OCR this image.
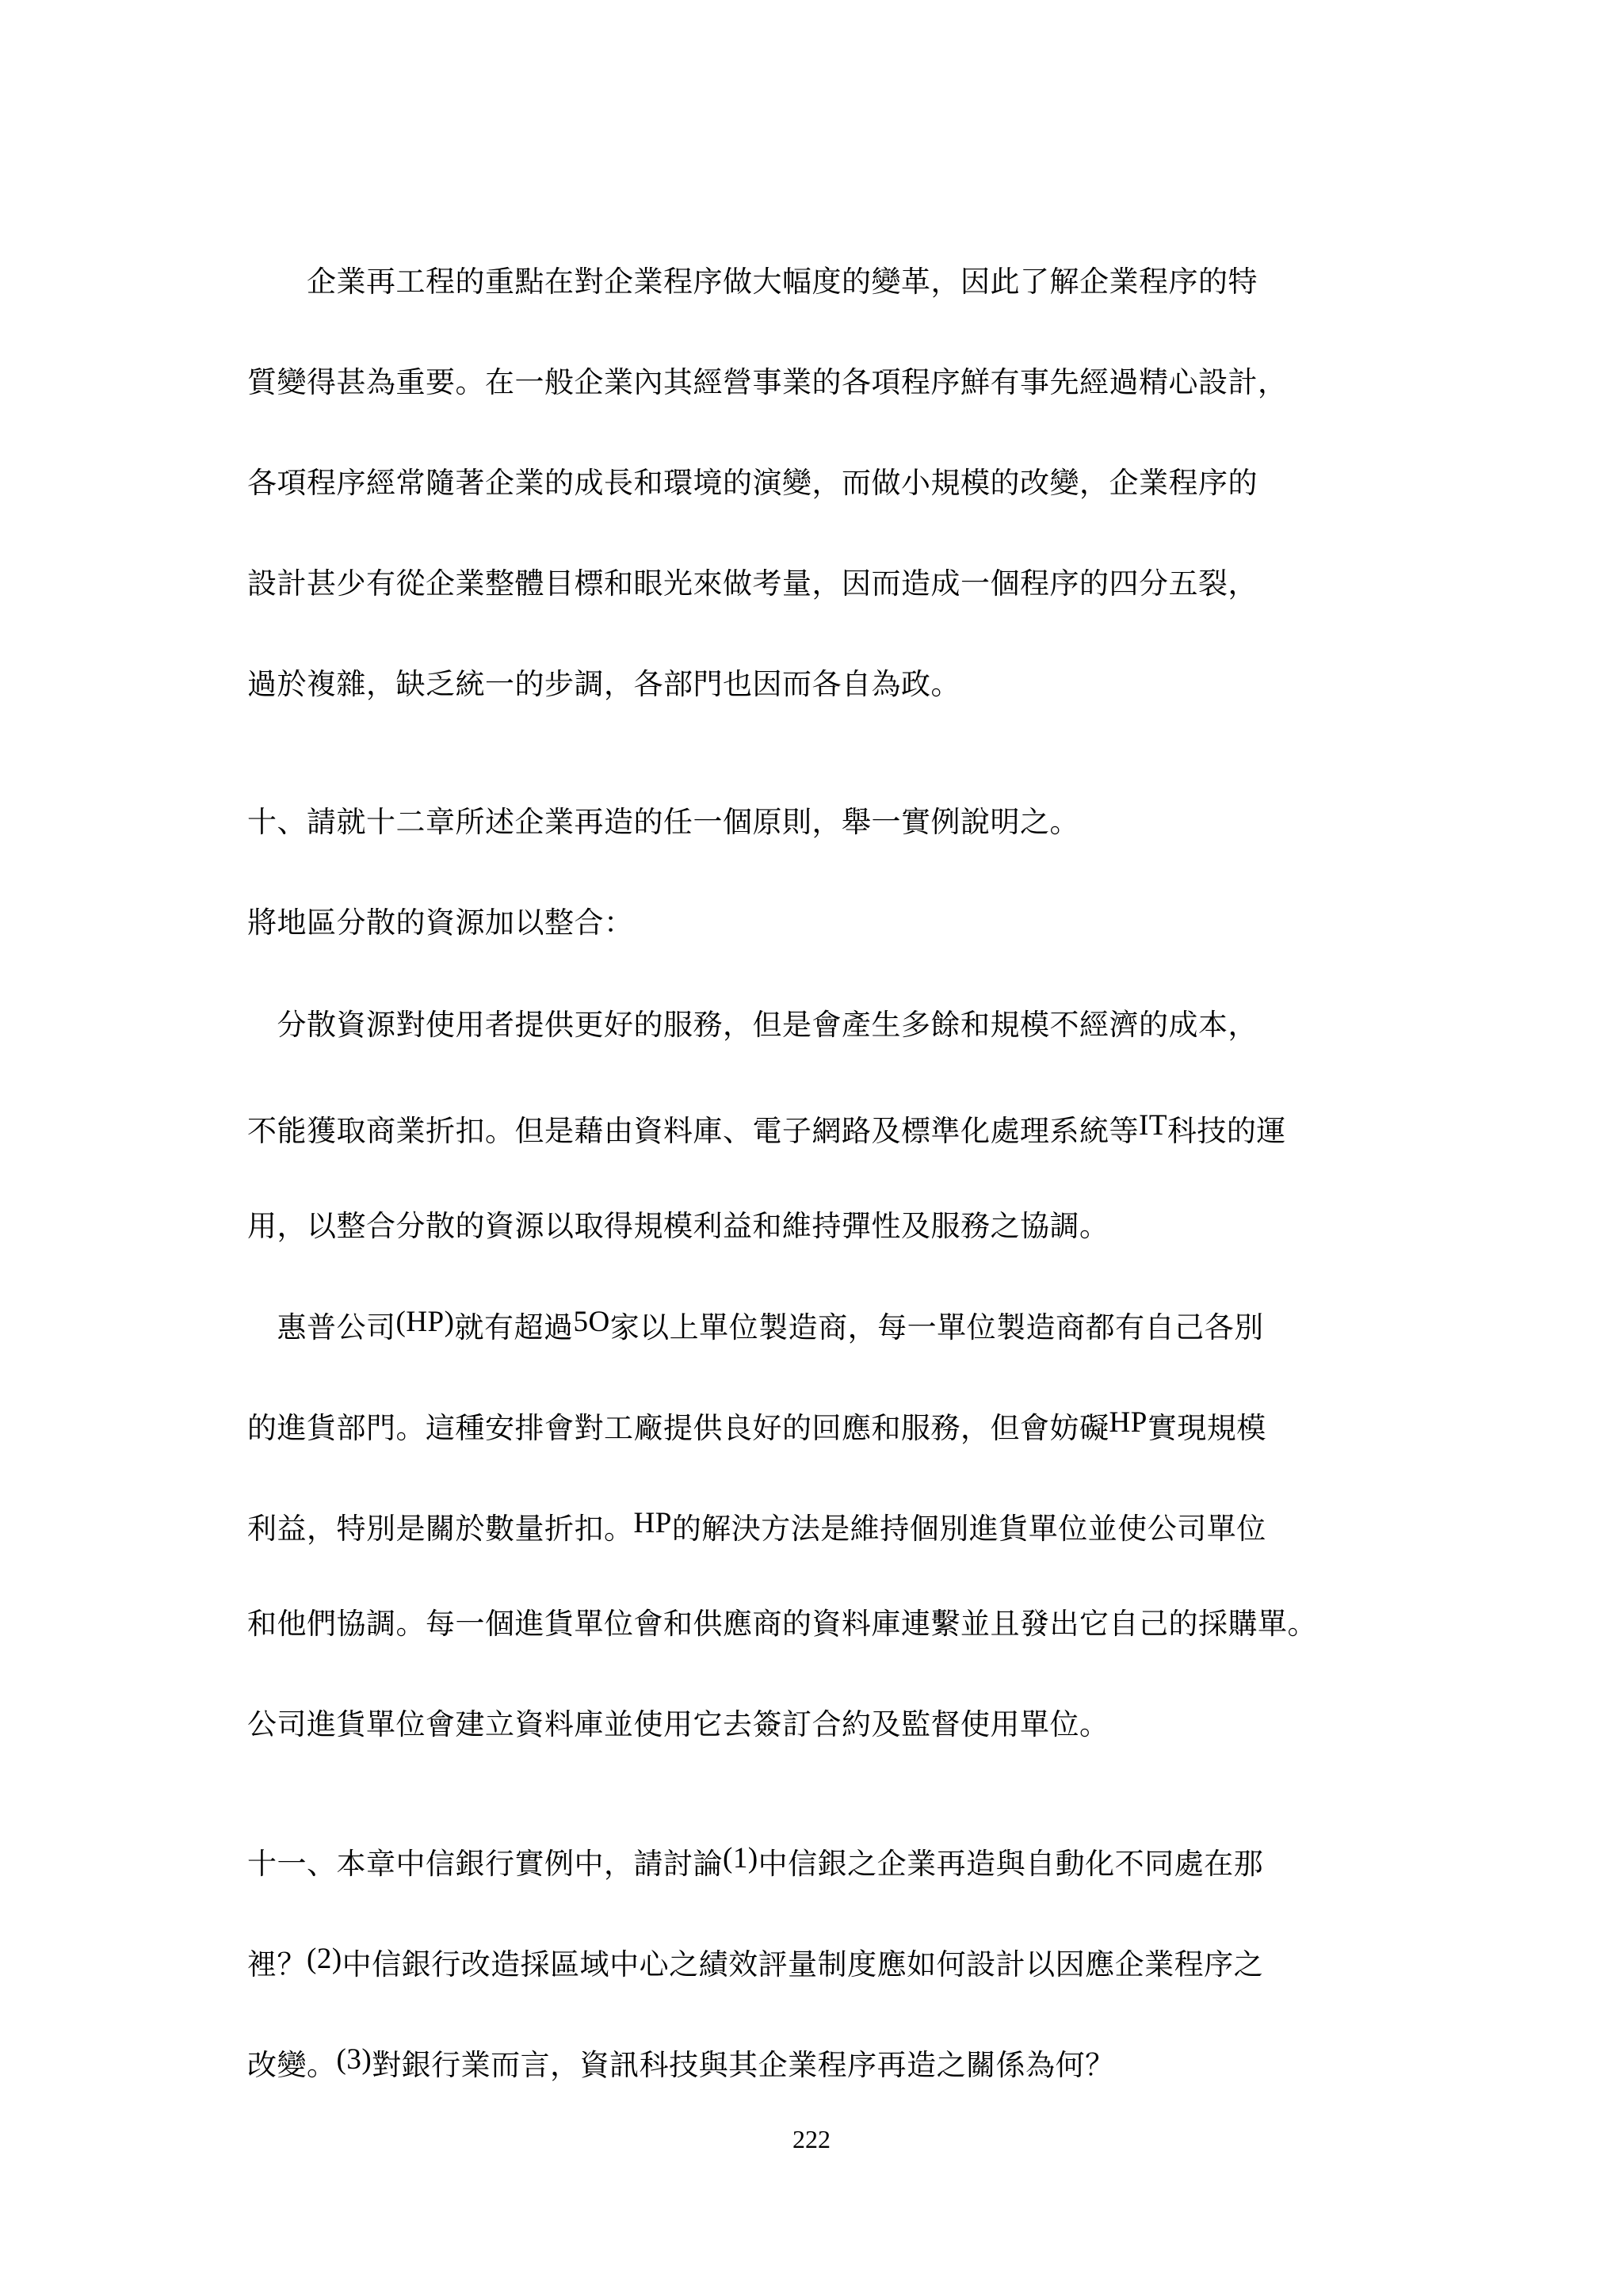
　　企業再工程的重點在對企業程序做大幅度的變革，因此了解企業程序的特
質變得甚為重要。在一般企業內其經營事業的各項程序鮮有事先經過精心設計，
各項程序經常隨著企業的成長和環境的演變，而做小規模的改變，企業程序的
設計甚少有從企業整體目標和眼光來做考量，因而造成一個程序的四分五裂，
過於複雜，缺乏統一的步調，各部門也因而各自為政。
十、請就十二章所述企業再造的任一個原則，舉一實例說明之。
將地區分散的資源加以整合：
　分散資源對使用者提供更好的服務，但是會產生多餘和規模不經濟的成本，
不能獲取商業折扣。但是藉由資料庫、電子網路及標準化處理系統等IT科技的運
用，以整合分散的資源以取得規模利益和維持彈性及服務之協調。
　惠普公司(HP)就有超過5O家以上單位製造商，每一單位製造商都有自己各別
的進貨部門。這種安排會對工廠提供良好的回應和服務，但會妨礙HP實現規模
利益，特別是關於數量折扣。HP的解決方法是維持個別進貨單位並使公司單位
和他們協調。每一個進貨單位會和供應商的資料庫連繫並且發出它自己的採購單。
公司進貨單位會建立資料庫並使用它去簽訂合約及監督使用單位。
十一、本章中信銀行實例中，請討論(1)中信銀之企業再造與自動化不同處在那
裡？(2)中信銀行改造採區域中心之績效評量制度應如何設計以因應企業程序之
改變。(3)對銀行業而言，資訊科技與其企業程序再造之關係為何？
222
